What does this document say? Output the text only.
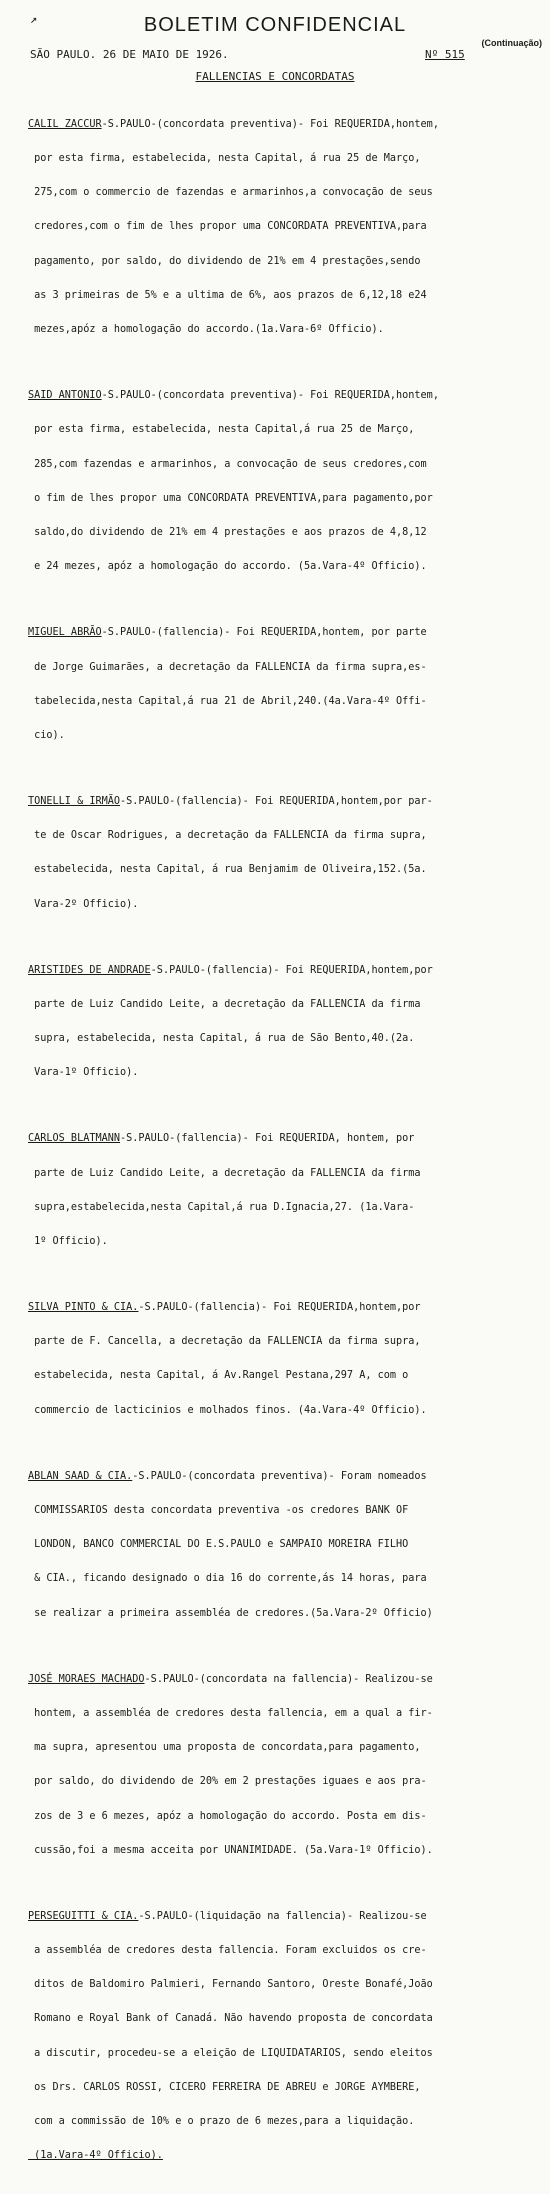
↗	BOLETIM CONFIDENCIAL
(Continuação)
SÃO PAULO. 26 DE MAIO DE 1926.	Nº 515
FALLENCIAS E CONCORDATAS

CALIL ZACCUR-S.PAULO-(concordata preventiva)- Foi REQUERIDA,hontem,

por esta firma, estabelecida, nesta Capital, á rua 25 de Março,

275,com o commercio de fazendas e armarinhos,a convocação de seus

credores,com o fim de lhes propor uma CONCORDATA PREVENTIVA,para

pagamento, por saldo, do dividendo de 21% em 4 prestações,sendo

as 3 primeiras de 5% e a ultima de 6%, aos prazos de 6,12,18 e24

mezes,apóz a homologação do accordo.(1a.Vara-6º Officio).

SAID ANTONIO-S.PAULO-(concordata preventiva)- Foi REQUERIDA,hontem,

por esta firma, estabelecida, nesta Capital,á rua 25 de Março,

285,com fazendas e armarinhos, a convocação de seus credores,com

o fim de lhes propor uma CONCORDATA PREVENTIVA,para pagamento,por

saldo,do dividendo de 21% em 4 prestações e aos prazos de 4,8,12

e 24 mezes, apóz a homologação do accordo. (5a.Vara-4º Officio).

MIGUEL ABRÃO-S.PAULO-(fallencia)- Foi REQUERIDA,hontem, por parte

de Jorge Guimarães, a decretação da FALLENCIA da firma supra,es-

tabelecida,nesta Capital,á rua 21 de Abril,240.(4a.Vara-4º Offi-

cio).

TONELLI & IRMÃO-S.PAULO-(fallencia)- Foi REQUERIDA,hontem,por par-

te de Oscar Rodrigues, a decretação da FALLENCIA da firma supra,

estabelecida, nesta Capital, á rua Benjamim de Oliveira,152.(5a.

Vara-2º Officio).

ARISTIDES DE ANDRADE-S.PAULO-(fallencia)- Foi REQUERIDA,hontem,por

parte de Luiz Candido Leite, a decretação da FALLENCIA da firma

supra, estabelecida, nesta Capital, á rua de São Bento,40.(2a.

Vara-1º Officio).

CARLOS BLATMANN-S.PAULO-(fallencia)- Foi REQUERIDA, hontem, por

parte de Luiz Candido Leite, a decretação da FALLENCIA da firma

supra,estabelecida,nesta Capital,á rua D.Ignacia,27. (1a.Vara-

1º Officio).

SILVA PINTO & CIA.-S.PAULO-(fallencia)- Foi REQUERIDA,hontem,por

parte de F. Cancella, a decretação da FALLENCIA da firma supra,

estabelecida, nesta Capital, á Av.Rangel Pestana,297 A, com o

commercio de lacticinios e molhados finos. (4a.Vara-4º Officio).

ABLAN SAAD & CIA.-S.PAULO-(concordata preventiva)- Foram nomeados

COMMISSARIOS desta concordata preventiva -os credores BANK OF

LONDON, BANCO COMMERCIAL DO E.S.PAULO e SAMPAIO MOREIRA FILHO

& CIA., ficando designado o dia 16 do corrente,ás 14 horas, para

se realizar a primeira assembléa de credores.(5a.Vara-2º Officio)

JOSÉ MORAES MACHADO-S.PAULO-(concordata na fallencia)- Realizou-se

hontem, a assembléa de credores desta fallencia, em a qual a fir-

ma supra, apresentou uma proposta de concordata,para pagamento,

por saldo, do dividendo de 20% em 2 prestações iguaes e aos pra-

zos de 3 e 6 mezes, apóz a homologação do accordo. Posta em dis-

cussão,foi a mesma acceita por UNANIMIDADE. (5a.Vara-1º Officio).

PERSEGUITTI & CIA.-S.PAULO-(liquidação na fallencia)- Realizou-se

a assembléa de credores desta fallencia. Foram excluidos os cre-

ditos de Baldomiro Palmieri, Fernando Santoro, Oreste Bonafé,João

Romano e Royal Bank of Canadá. Não havendo proposta de concordata

a discutir, procedeu-se a eleição de LIQUIDATARIOS, sendo eleitos

os Drs. CARLOS ROSSI, CICERO FERREIRA DE ABREU e JORGE AYMBERE,

com a commissão de 10% e o prazo de 6 mezes,para a liquidação.

(1a.Vara-4º Officio).
